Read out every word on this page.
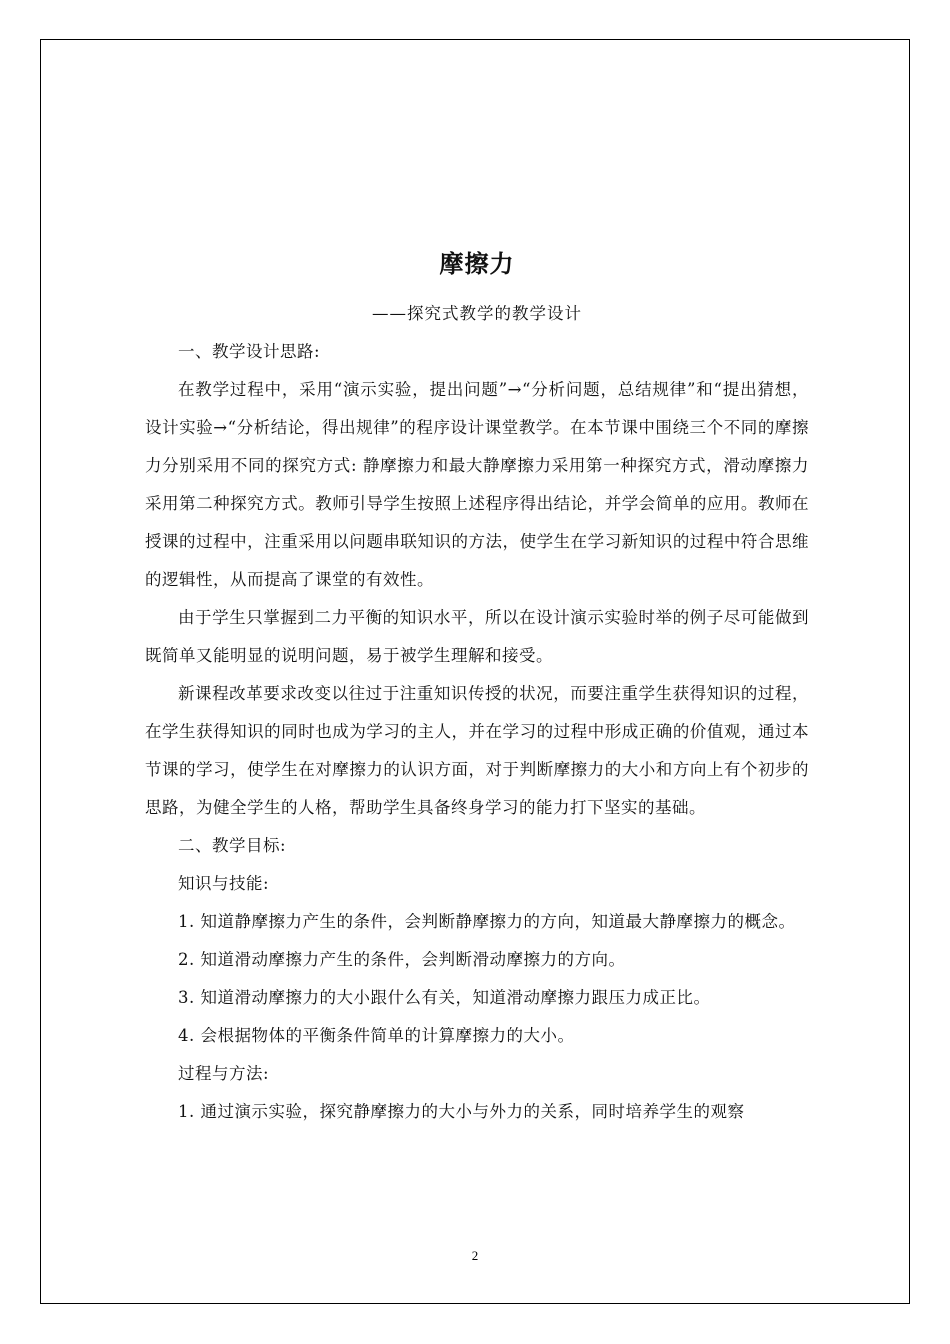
摩擦力
——探究式教学的教学设计

一、教学设计思路:

在教学过程中，采用“演示实验，提出问题”→“分析问题，总结规律”和“提出猜想，设计实验→“分析结论，得出规律”的程序设计课堂教学。在本节课中围绕三个不同的摩擦力分别采用不同的探究方式: 静摩擦力和最大静摩擦力采用第一种探究方式，滑动摩擦力采用第二种探究方式。教师引导学生按照上述程序得出结论，并学会简单的应用。教师在授课的过程中，注重采用以问题串联知识的方法，使学生在学习新知识的过程中符合思维的逻辑性，从而提高了课堂的有效性。

由于学生只掌握到二力平衡的知识水平，所以在设计演示实验时举的例子尽可能做到既简单又能明显的说明问题，易于被学生理解和接受。

新课程改革要求改变以往过于注重知识传授的状况，而要注重学生获得知识的过程，在学生获得知识的同时也成为学习的主人，并在学习的过程中形成正确的价值观，通过本节课的学习，使学生在对摩擦力的认识方面，对于判断摩擦力的大小和方向上有个初步的思路，为健全学生的人格，帮助学生具备终身学习的能力打下坚实的基础。

二、教学目标:

知识与技能:

1. 知道静摩擦力产生的条件，会判断静摩擦力的方向，知道最大静摩擦力的概念。

2. 知道滑动摩擦力产生的条件，会判断滑动摩擦力的方向。

3. 知道滑动摩擦力的大小跟什么有关，知道滑动摩擦力跟压力成正比。

4. 会根据物体的平衡条件简单的计算摩擦力的大小。

过程与方法:

1. 通过演示实验，探究静摩擦力的大小与外力的关系，同时培养学生的观察

2
